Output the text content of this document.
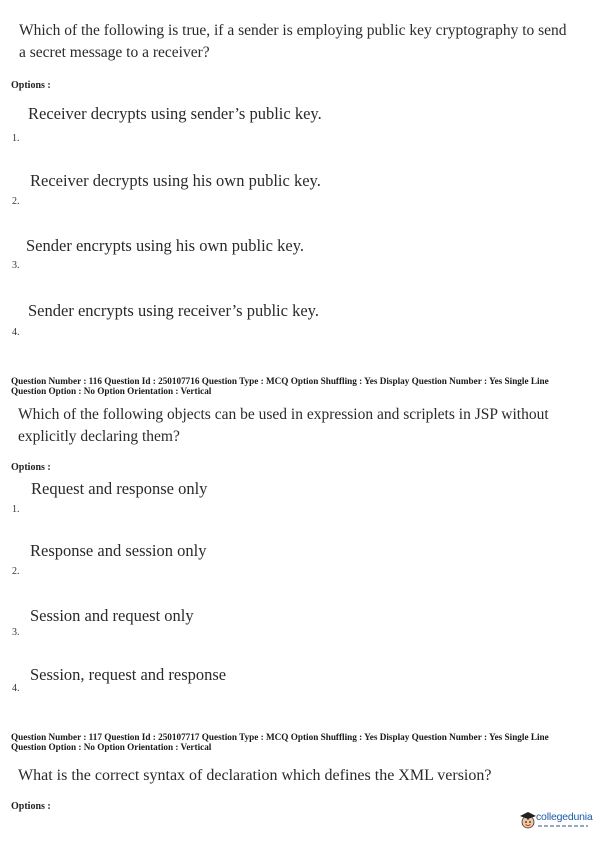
Which of the following is true, if a sender is employing public key cryptography to send a secret message to a receiver?
Options :
Receiver decrypts using sender’s public key.
1.
Receiver decrypts using his own public key.
2.
Sender encrypts using his own public key.
3.
Sender encrypts using receiver’s public key.
4.
Question Number : 116 Question Id : 250107716 Question Type : MCQ Option Shuffling : Yes Display Question Number : Yes Single Line Question Option : No Option Orientation : Vertical
Which of the following objects can be used in expression and scriplets in JSP without explicitly declaring them?
Options :
Request and response only
1.
Response and session only
2.
Session and request only
3.
Session, request and response
4.
Question Number : 117 Question Id : 250107717 Question Type : MCQ Option Shuffling : Yes Display Question Number : Yes Single Line Question Option : No Option Orientation : Vertical
What is the correct syntax of declaration which defines the XML version?
Options :
collegedunia
